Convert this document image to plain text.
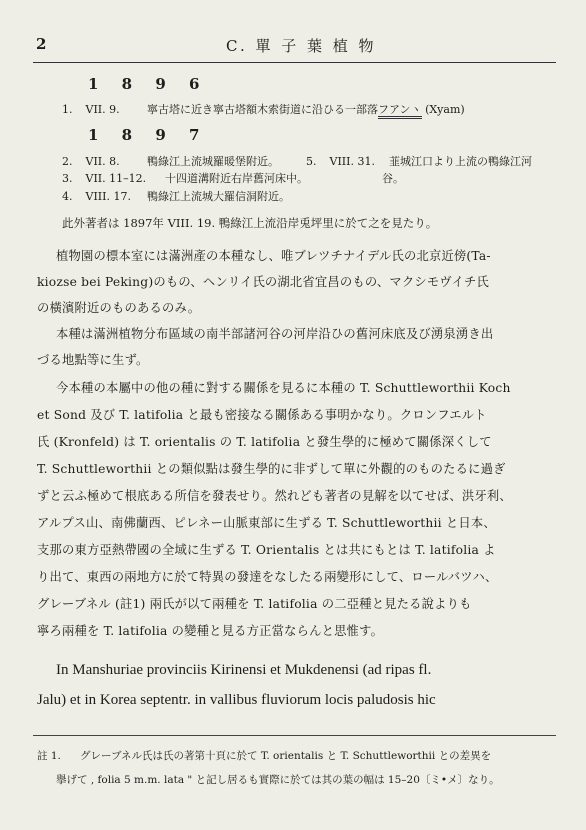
2	C. 單 子 葉 植 物
1 8 9 6
1. VII. 9. 寧古塔に近き寧古塔額木索街道に沿ひる一部落フアンヽ (Xyam)
1 8 9 7
2. VII. 8. 鴨綠江上流城羅暖堡附近。
3. VII. 11–12. 十四道溝附近右岸舊河床中。
4. VIII. 17. 鴨綠江上流城大羅信洞附近。
5. VIII. 31. 韮城江口より上流の鴨綠江河
谷。
此外著者は 1897年 VIII. 19. 鴨綠江上流沿岸兎坪里に於て之を見たり。
植物園の標本室には滿洲產の本種なし、唯ブレツチナイデル氏の北京近傍(Ta-
kiozse bei Peking)のもの、ヘンリイ氏の湖北省宜昌のもの、マクシモヴイチ氏
の橫濱附近のものあるのみ。
本種は滿洲植物分布區域の南半部諸河谷の河岸沿ひの舊河床底及び湧泉湧き出
づる地點等に生ず。
今本種の本屬中の他の種に對する關係を見るに本種の T. Schuttleworthii Koch
et Sond 及び T. latifolia と最も密接なる關係ある事明かなり。クロンフエルト
氏 (Kronfeld) は T. orientalis の T. latifolia と發生學的に極めて關係深くして
T. Schuttleworthii との類似點は發生學的に非ずして單に外觀的のものたるに過ぎ
ずと云ふ極めて根底ある所信を發表せり。然れども著者の見解を以てせば、洪牙利、
アルプス山、南佛蘭西、ピレネー山脈東部に生ずる T. Schuttleworthii と日本、
支那の東方亞熱帶國の全域に生ずる T. Orientalis とは共にもとは T. latifolia よ
り出て、東西の兩地方に於て特異の發達をなしたる兩變形にして、ロールバツハ、
グレーブネル (註1) 兩氏が以て兩種を T. latifolia の二亞種と見たる說よりも
寧ろ兩種を T. latifolia の變種と見る方正當ならんと思惟す。
In Manshuriae provinciis Kirinensi et Mukdenensi (ad ripas fl.
Jalu) et in Korea septentr. in vallibus fluviorum locis paludosis hic
註 1. グレーブネル氏は氏の著第十頁に於て T. orientalis と T. Schuttleworthii との差異を
擧げて , folia 5 m.m. lata " と記し居るも實際に於ては其の葉の幅は 15–20〔ミ•メ〕なり。
